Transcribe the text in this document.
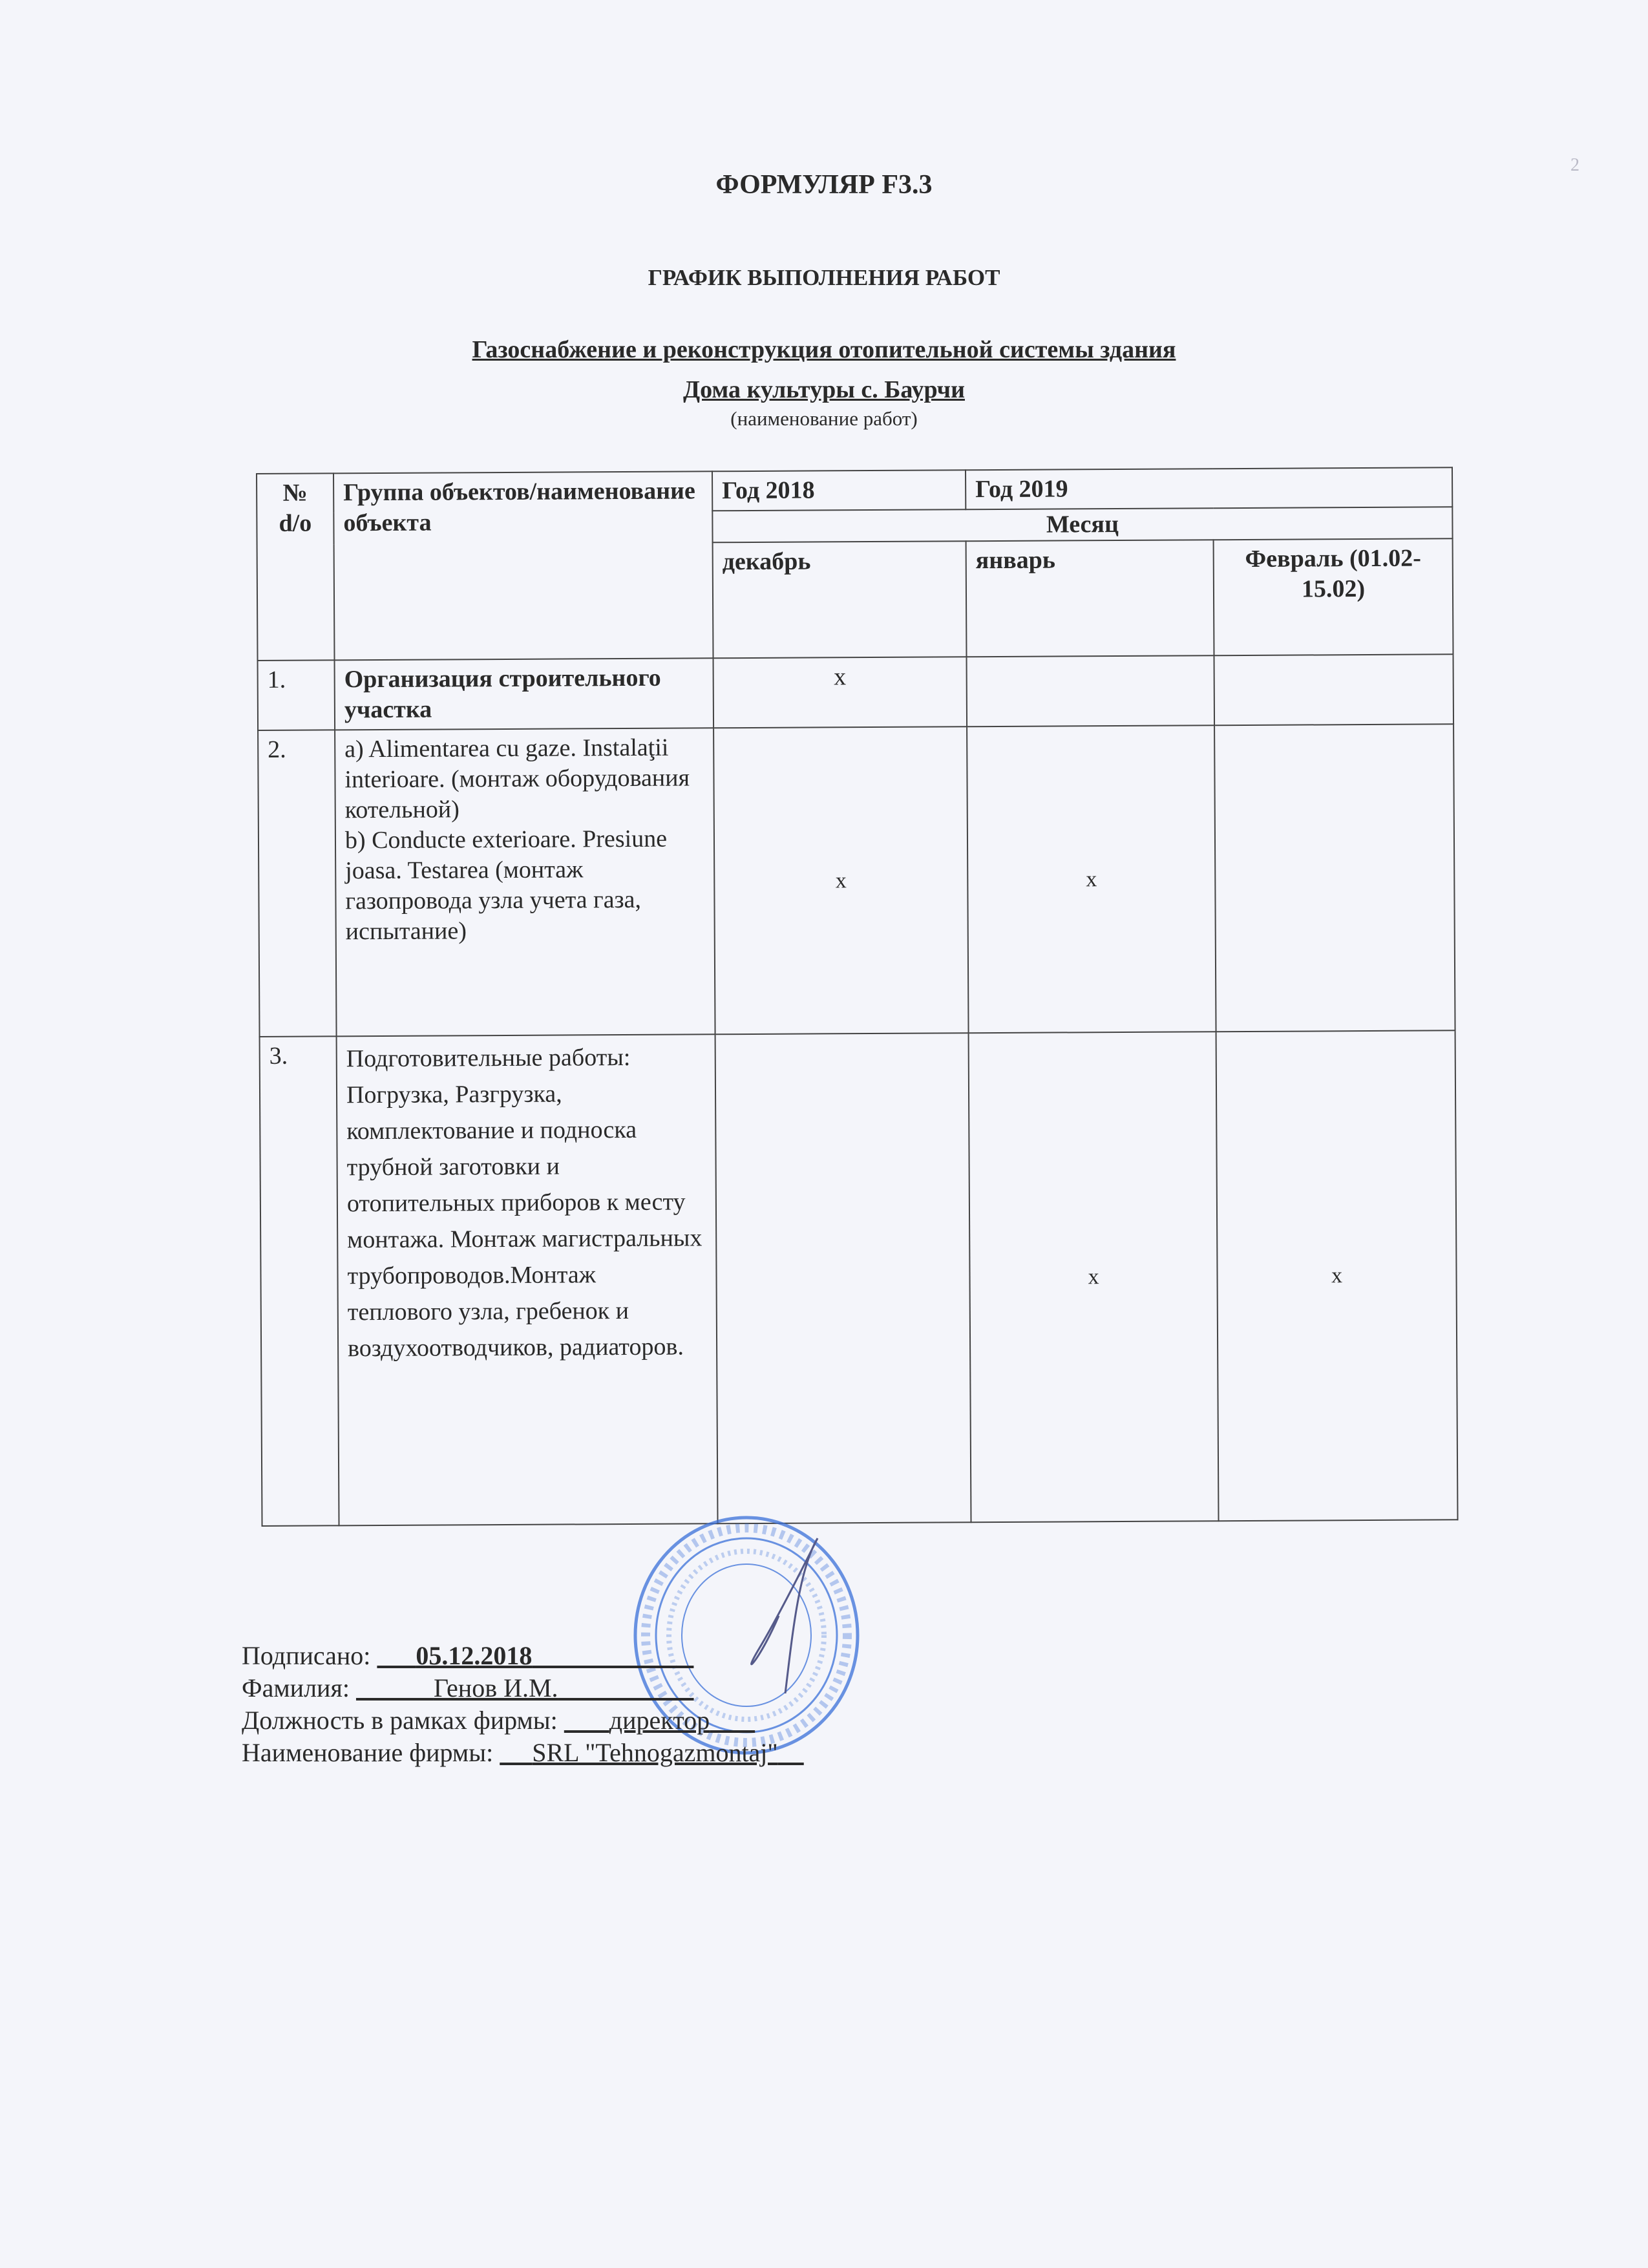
2
ФОРМУЛЯР F3.3
ГРАФИК ВЫПОЛНЕНИЯ РАБОТ
Газоснабжение и реконструкция отопительной системы здания
Дома культуры с. Баурчи
(наименование работ)
№ d/o	Группа объектов/наименование объекта	Год 2018	Год 2019	
		Месяц		
		декабрь	январь	Февраль (01.02-15.02)
1.	Организация строительного участка	x		
2.	a) Alimentarea cu gaze. Instalaţii interioare. (монтаж оборудования котельной)
b) Conducte exterioare. Presiune joasa. Testarea (монтаж газопровода узла учета газа, испытание)	x	x	
3.	Подготовительные работы: Погрузка, Разгрузка, комплектование и подноска трубной заготовки и отопительных приборов к месту монтажа. Монтаж магистральных трубопроводов.Монтаж теплового узла, гребенок и воздухоотводчиков, радиаторов.		x	x
Подписано: 05.12.2018
Фамилия:	Генов И.М.
Должность в рамках фирмы: директор
Наименование фирмы: SRL "Tehnogazmontaj"
